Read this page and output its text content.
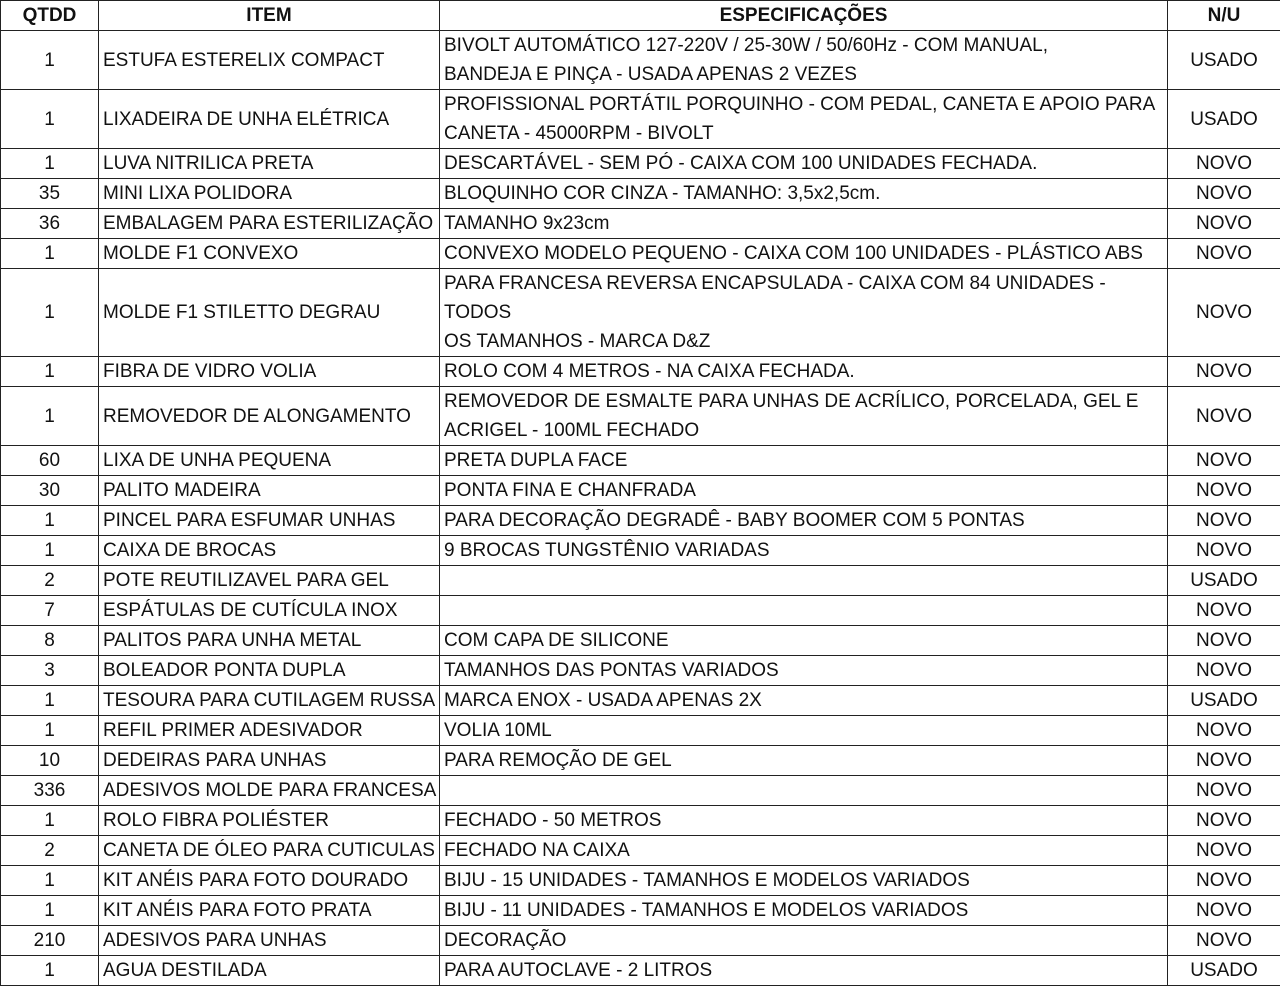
QTDD	ITEM	ESPECIFICAÇÕES	N/U
1	ESTUFA ESTERELIX COMPACT	BIVOLT AUTOMÁTICO 127-220V / 25-30W / 50/60Hz - COM MANUAL,
BANDEJA E PINÇA - USADA APENAS 2 VEZES	USADO
1	LIXADEIRA DE UNHA ELÉTRICA	PROFISSIONAL PORTÁTIL PORQUINHO - COM PEDAL, CANETA E APOIO PARA
CANETA - 45000RPM - BIVOLT	USADO
1	LUVA NITRILICA PRETA	DESCARTÁVEL - SEM PÓ - CAIXA COM 100 UNIDADES FECHADA.	NOVO
35	MINI LIXA POLIDORA	BLOQUINHO COR CINZA - TAMANHO: 3,5x2,5cm.	NOVO
36	EMBALAGEM PARA ESTERILIZAÇÃO	TAMANHO 9x23cm	NOVO
1	MOLDE F1 CONVEXO	CONVEXO MODELO PEQUENO - CAIXA COM 100 UNIDADES - PLÁSTICO ABS	NOVO
1	MOLDE F1 STILETTO DEGRAU	PARA FRANCESA REVERSA ENCAPSULADA - CAIXA COM 84 UNIDADES - TODOS
OS TAMANHOS - MARCA D&Z	NOVO
1	FIBRA DE VIDRO VOLIA	ROLO COM 4 METROS - NA CAIXA FECHADA.	NOVO
1	REMOVEDOR DE ALONGAMENTO	REMOVEDOR DE ESMALTE PARA UNHAS DE ACRÍLICO, PORCELADA, GEL E
ACRIGEL - 100ML FECHADO	NOVO
60	LIXA DE UNHA PEQUENA	PRETA DUPLA FACE	NOVO
30	PALITO MADEIRA	PONTA FINA E CHANFRADA	NOVO
1	PINCEL PARA ESFUMAR UNHAS	PARA DECORAÇÃO DEGRADÊ - BABY BOOMER COM 5 PONTAS	NOVO
1	CAIXA DE BROCAS	9 BROCAS TUNGSTÊNIO VARIADAS	NOVO
2	POTE REUTILIZAVEL PARA GEL		USADO
7	ESPÁTULAS DE CUTÍCULA INOX		NOVO
8	PALITOS PARA UNHA METAL	COM CAPA DE SILICONE	NOVO
3	BOLEADOR PONTA DUPLA	TAMANHOS DAS PONTAS VARIADOS	NOVO
1	TESOURA PARA CUTILAGEM RUSSA	MARCA ENOX - USADA APENAS 2X	USADO
1	REFIL PRIMER ADESIVADOR	VOLIA 10ML	NOVO
10	DEDEIRAS PARA UNHAS	PARA REMOÇÃO DE GEL	NOVO
336	ADESIVOS MOLDE PARA FRANCESA		NOVO
1	ROLO FIBRA POLIÉSTER	FECHADO - 50 METROS	NOVO
2	CANETA DE ÓLEO PARA CUTICULAS	FECHADO NA CAIXA	NOVO
1	KIT ANÉIS PARA FOTO DOURADO	BIJU - 15 UNIDADES - TAMANHOS E MODELOS VARIADOS	NOVO
1	KIT ANÉIS PARA FOTO PRATA	BIJU - 11 UNIDADES - TAMANHOS E MODELOS VARIADOS	NOVO
210	ADESIVOS PARA UNHAS	DECORAÇÃO	NOVO
1	AGUA DESTILADA	PARA AUTOCLAVE - 2 LITROS	USADO
